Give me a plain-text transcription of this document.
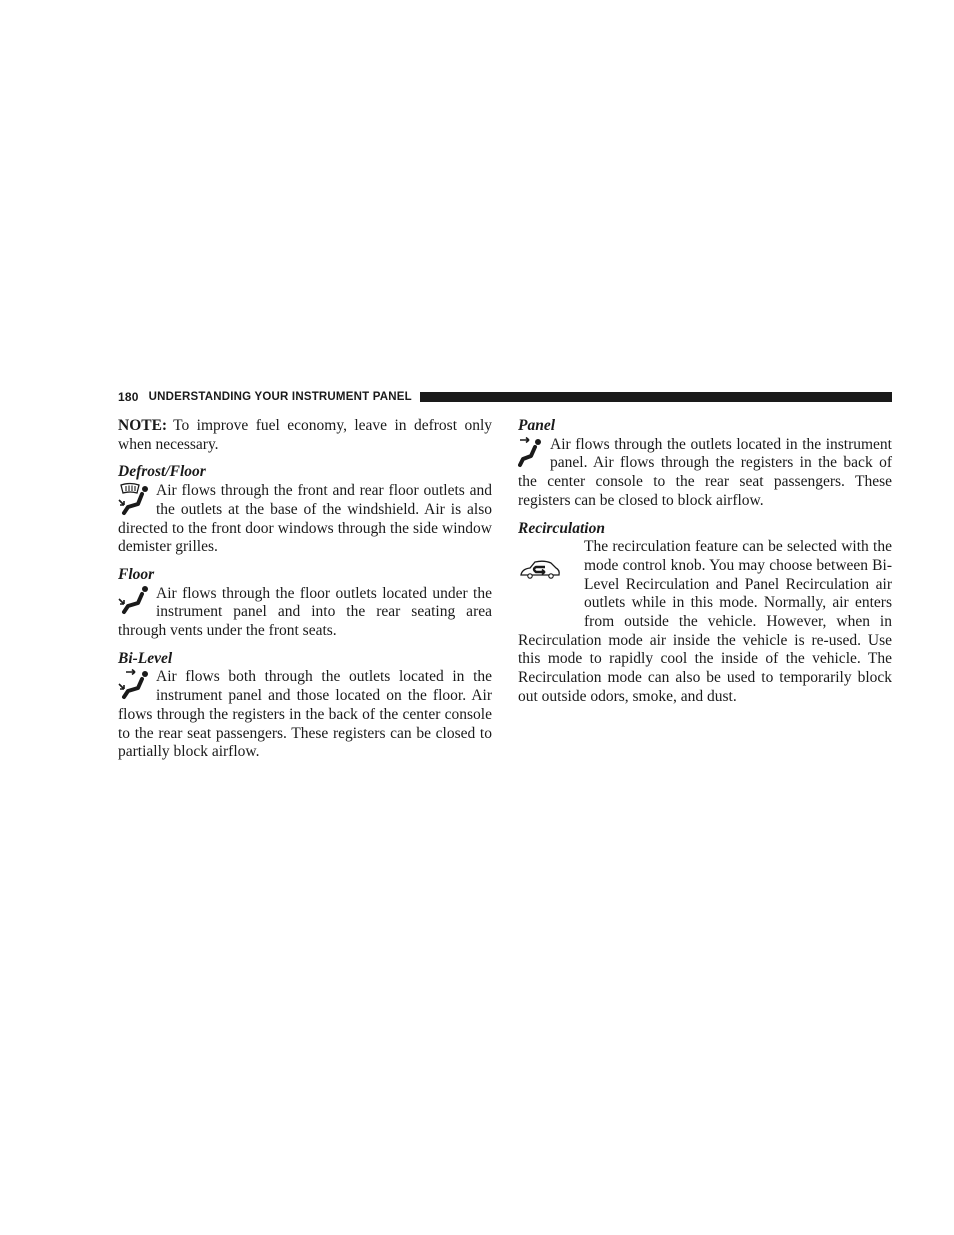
180 UNDERSTANDING YOUR INSTRUMENT PANEL

NOTE: To improve fuel economy, leave in defrost only when necessary.

Defrost/Floor

Air flows through the front and rear floor outlets and the outlets at the base of the windshield. Air is also directed to the front door windows through the side window demister grilles.

Floor

Air flows through the floor outlets located under the instrument panel and into the rear seating area through vents under the front seats.

Bi-Level

Air flows both through the outlets located in the instrument panel and those located on the floor. Air flows through the registers in the back of the center console to the rear seat passengers. These registers can be closed to partially block airflow.

Panel

Air flows through the outlets located in the instrument panel. Air flows through the registers in the back of the center console to the rear seat passengers. These registers can be closed to block airflow.

Recirculation

The recirculation feature can be selected with the mode control knob. You may choose between Bi-Level Recirculation and Panel Recirculation air outlets while in this mode. Normally, air enters from outside the vehicle. However, when in Recirculation mode air inside the vehicle is re-used. Use this mode to rapidly cool the inside of the vehicle. The Recirculation mode can also be used to temporarily block out outside odors, smoke, and dust.
